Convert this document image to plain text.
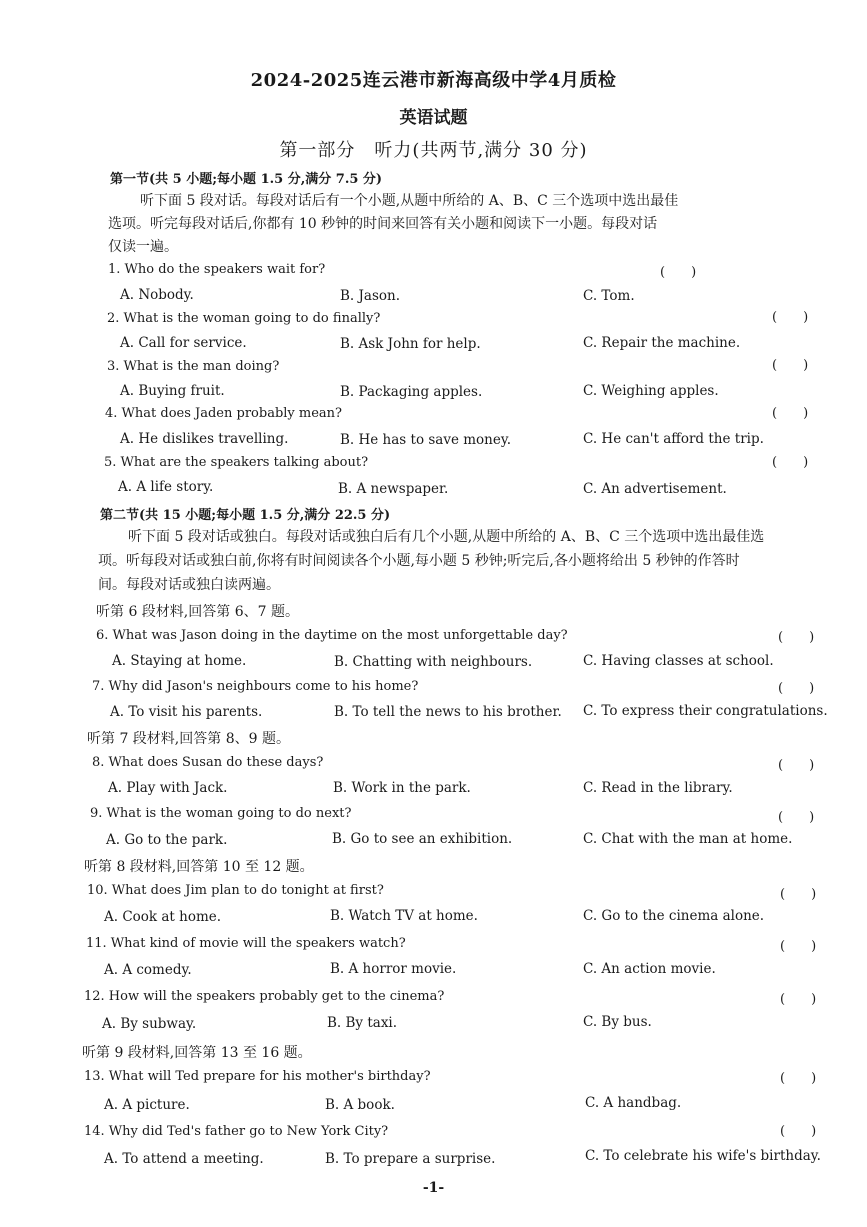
2024-2025连云港市新海高级中学4月质检
英语试题
第一部分　听力(共两节,满分 30 分)
第一节(共 5 小题;每小题 1.5 分,满分 7.5 分)
听下面 5 段对话。每段对话后有一个小题,从题中所给的 A、B、C 三个选项中选出最佳
选项。听完每段对话后,你都有 10 秒钟的时间来回答有关小题和阅读下一小题。每段对话
仅读一遍。
1. Who do the speakers wait for?	(　　)
A. Nobody.	B. Jason.	C. Tom.
2. What is the woman going to do finally?	(　　)
A. Call for service.	B. Ask John for help.	C. Repair the machine.
3. What is the man doing?	(　　)
A. Buying fruit.	B. Packaging apples.	C. Weighing apples.
4. What does Jaden probably mean?	(　　)
A. He dislikes travelling.	B. He has to save money.	C. He can't afford the trip.
5. What are the speakers talking about?	(　　)
A. A life story.	B. A newspaper.	C. An advertisement.
第二节(共 15 小题;每小题 1.5 分,满分 22.5 分)
听下面 5 段对话或独白。每段对话或独白后有几个小题,从题中所给的 A、B、C 三个选项中选出最佳选
项。听每段对话或独白前,你将有时间阅读各个小题,每小题 5 秒钟;听完后,各小题将给出 5 秒钟的作答时
间。每段对话或独白读两遍。
听第 6 段材料,回答第 6、7 题。
6. What was Jason doing in the daytime on the most unforgettable day?	(　　)
A. Staying at home.	B. Chatting with neighbours.	C. Having classes at school.
7. Why did Jason's neighbours come to his home?	(　　)
A. To visit his parents.	B. To tell the news to his brother. C. To express their congratulations.
听第 7 段材料,回答第 8、9 题。
8. What does Susan do these days?	(　　)
A. Play with Jack.	B. Work in the park.	C. Read in the library.
9. What is the woman going to do next?	(　　)
A. Go to the park.	B. Go to see an exhibition.	C. Chat with the man at home.
听第 8 段材料,回答第 10 至 12 题。
10. What does Jim plan to do tonight at first?	(　　)
A. Cook at home.	B. Watch TV at home.	C. Go to the cinema alone.
11. What kind of movie will the speakers watch?	(　　)
A. A comedy.	B. A horror movie.	C. An action movie.
12. How will the speakers probably get to the cinema?	(　　)
A. By subway.	B. By taxi.	C. By bus.
听第 9 段材料,回答第 13 至 16 题。
13. What will Ted prepare for his mother's birthday?	(　　)
A. A picture.	B. A book.	C. A handbag.
14. Why did Ted's father go to New York City?	(　　)
A. To attend a meeting.	B. To prepare a surprise.	C. To celebrate his wife's birthday.
-1-
